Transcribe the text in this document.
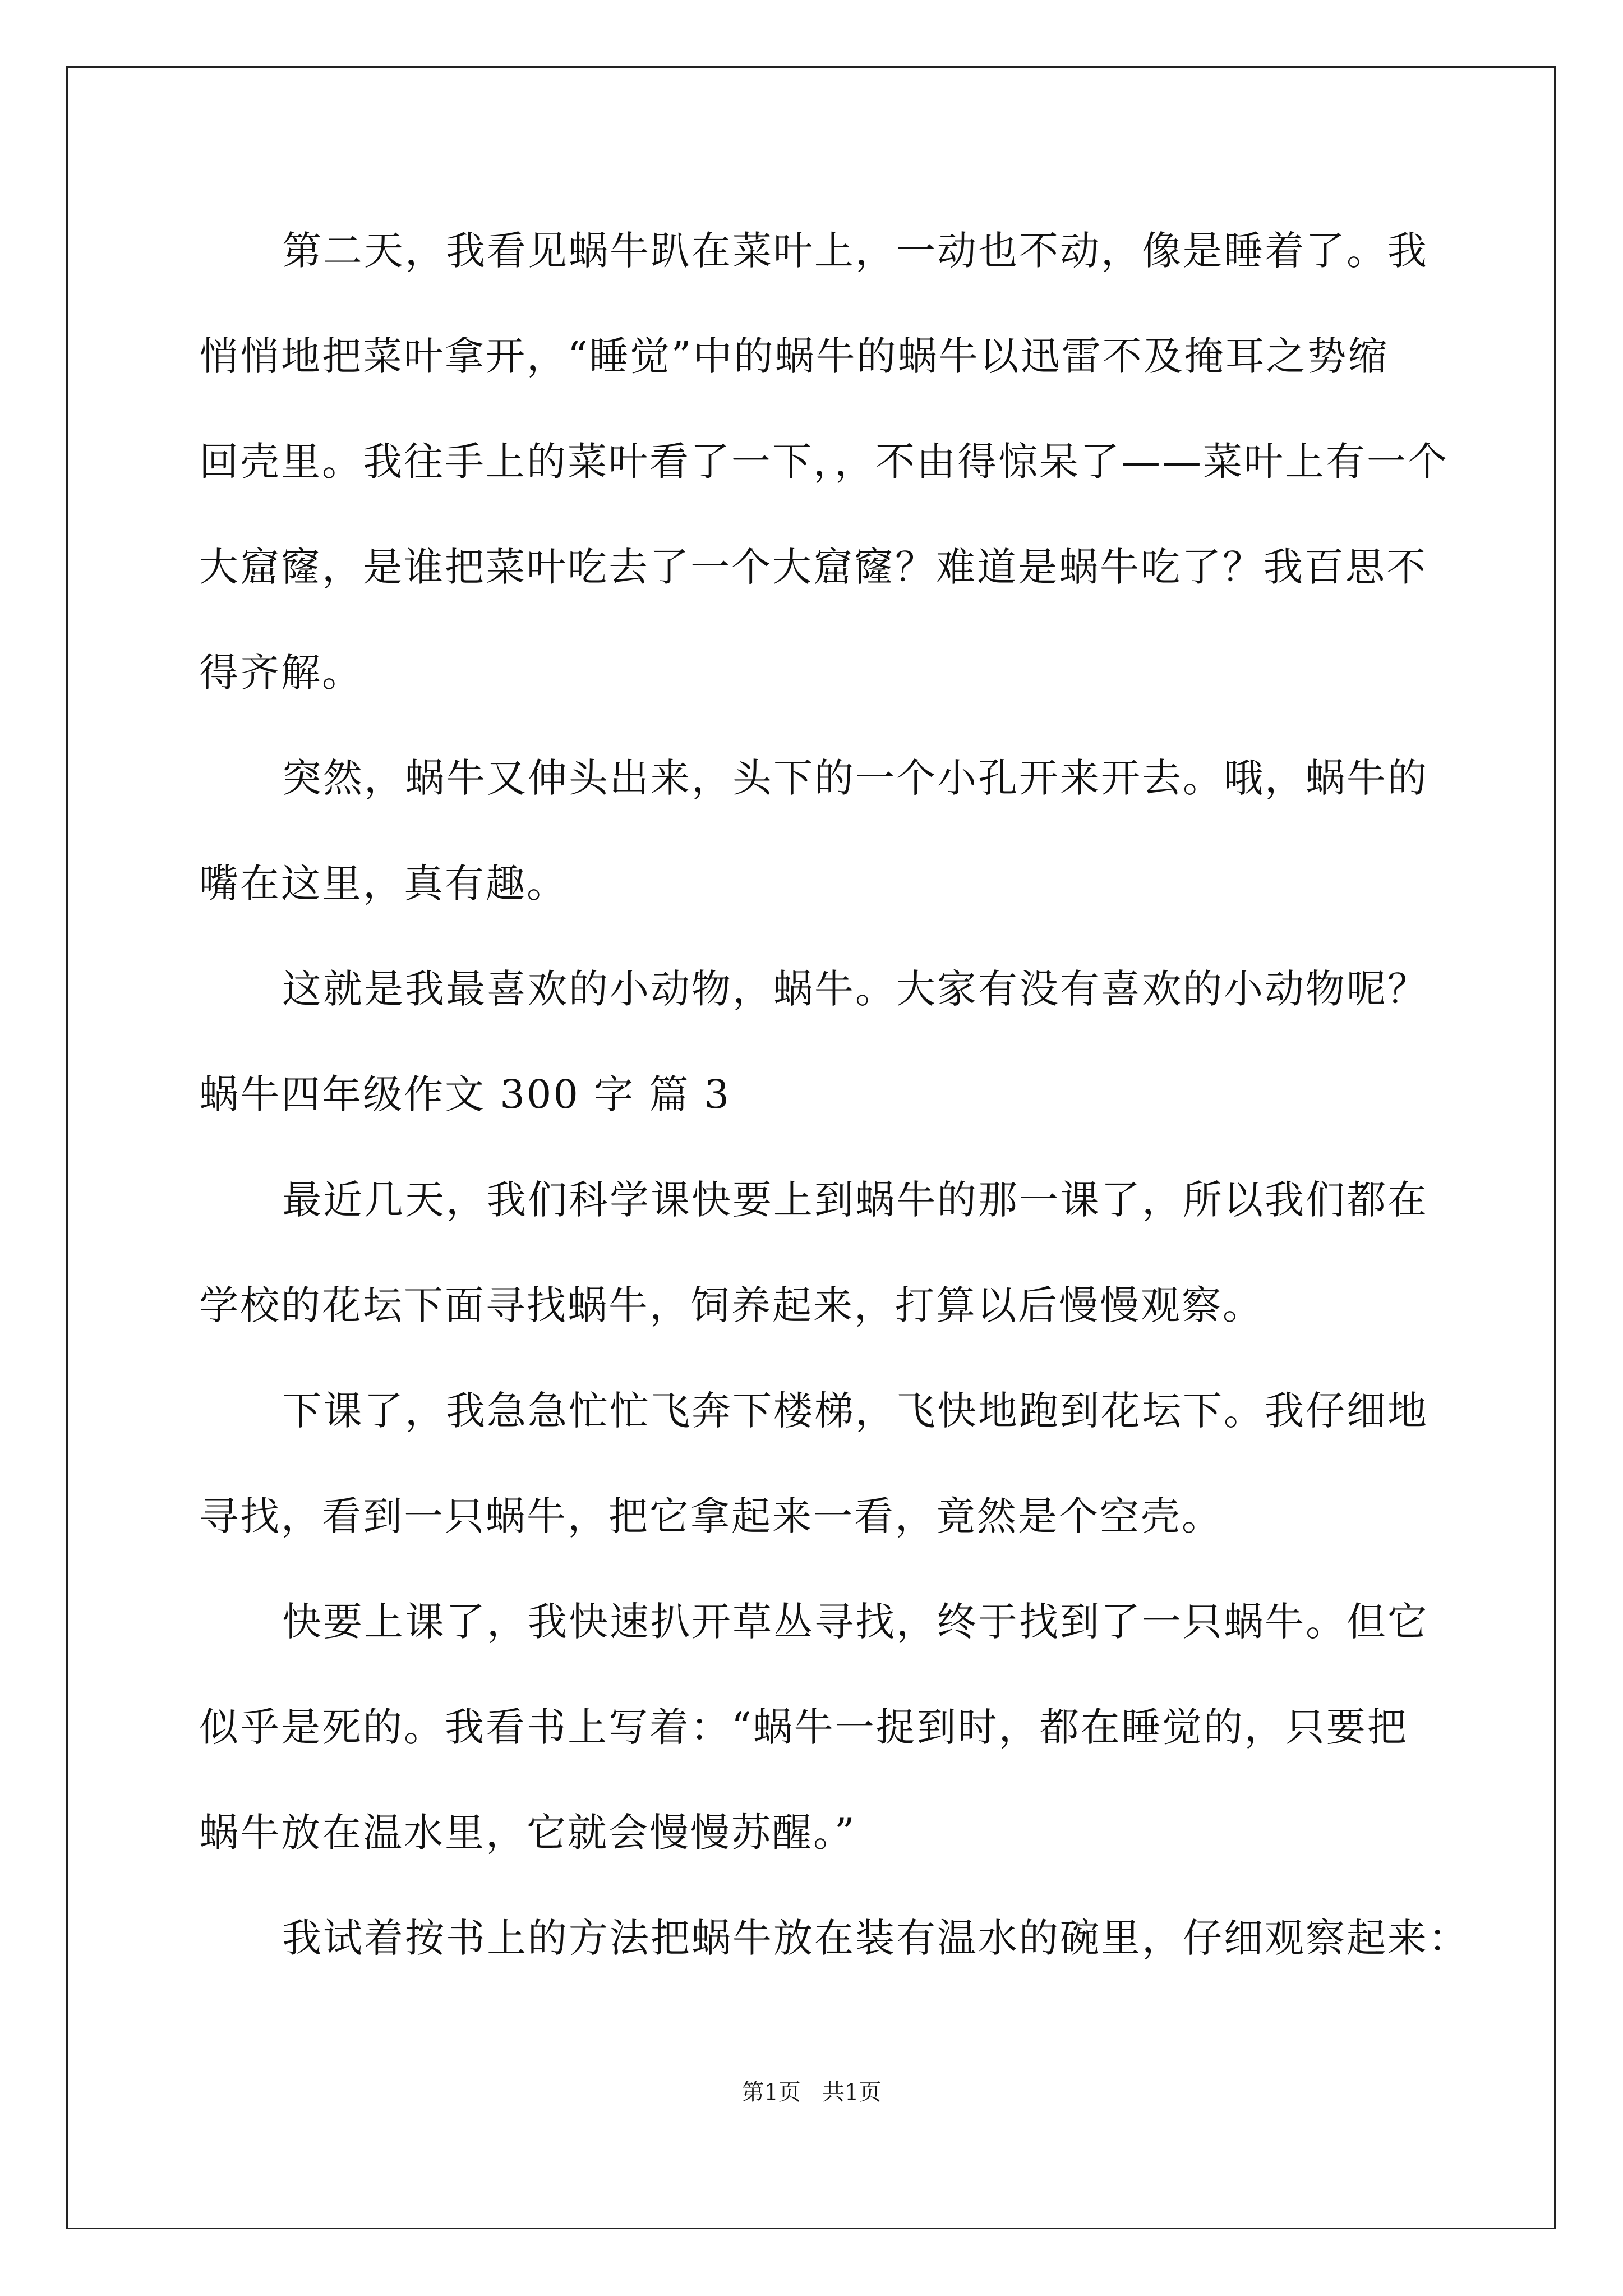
第二天，我看见蜗牛趴在菜叶上，一动也不动，像是睡着了。我
悄悄地把菜叶拿开，“睡觉”中的蜗牛的蜗牛以迅雷不及掩耳之势缩
回壳里。我往手上的菜叶看了一下，，不由得惊呆了——菜叶上有一个
大窟窿，是谁把菜叶吃去了一个大窟窿？难道是蜗牛吃了？我百思不
得齐解。
突然，蜗牛又伸头出来，头下的一个小孔开来开去。哦，蜗牛的
嘴在这里，真有趣。
这就是我最喜欢的小动物，蜗牛。大家有没有喜欢的小动物呢？
蜗牛四年级作文 300 字 篇 3
最近几天，我们科学课快要上到蜗牛的那一课了，所以我们都在
学校的花坛下面寻找蜗牛，饲养起来，打算以后慢慢观察。
下课了，我急急忙忙飞奔下楼梯，飞快地跑到花坛下。我仔细地
寻找，看到一只蜗牛，把它拿起来一看，竟然是个空壳。
快要上课了，我快速扒开草丛寻找，终于找到了一只蜗牛。但它
似乎是死的。我看书上写着：“蜗牛一捉到时，都在睡觉的，只要把
蜗牛放在温水里，它就会慢慢苏醒。”
我试着按书上的方法把蜗牛放在装有温水的碗里，仔细观察起来：
第1页   共1页
